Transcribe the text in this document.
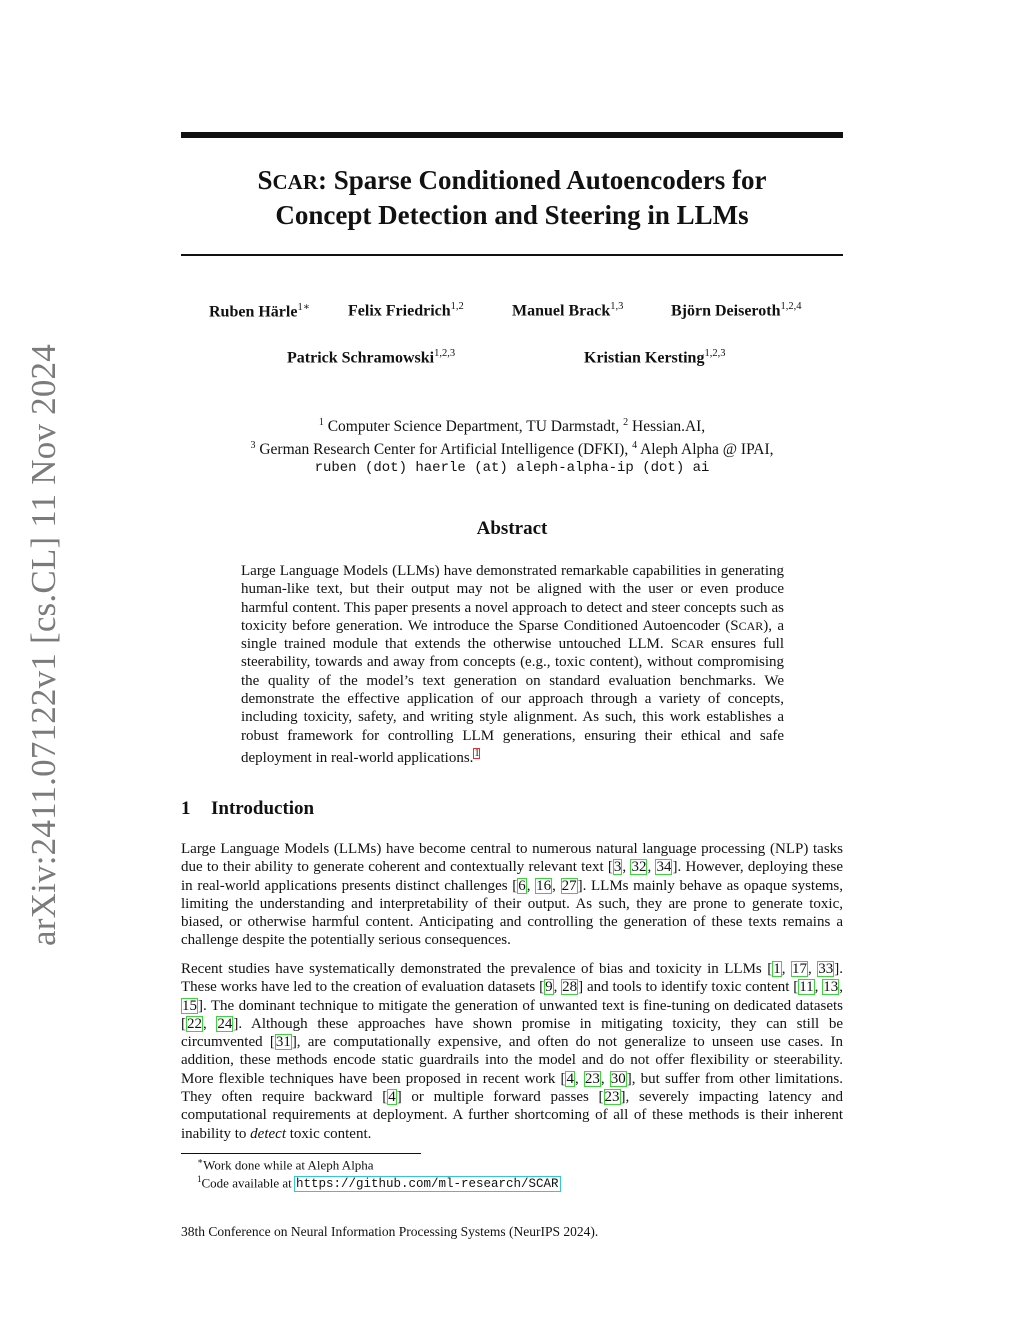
arXiv:2411.07122v1 [cs.CL] 11 Nov 2024
SCAR: Sparse Conditioned Autoencoders for
Concept Detection and Steering in LLMs
Ruben Härle$^{1∗}$ Felix Friedrich$^{1,2}$	Manuel Brack$^{1,3}$	Björn Deiseroth$^{1,2,4}$
Patrick Schramowski$^{1,2,3}$	Kristian Kersting$^{1,2,3}$
$^1$ Computer Science Department, TU Darmstadt, $^2$ Hessian.AI,
$^3$ German Research Center for Artificial Intelligence (DFKI), $^4$ Aleph Alpha @ IPAI,
ruben (dot) haerle (at) aleph-alpha-ip (dot) ai
Abstract
Large Language Models (LLMs) have demonstrated remarkable capabilities in generating human-like text, but their output may not be aligned with the user or even produce harmful content. This paper presents a novel approach to detect and steer concepts such as toxicity before generation. We introduce the Sparse Conditioned Autoencoder (SCAR), a single trained module that extends the otherwise untouched LLM. SCAR ensures full steerability, towards and away from concepts (e.g., toxic content), without compromising the quality of the model’s text generation on standard evaluation benchmarks. We demonstrate the effective application of our approach through a variety of concepts, including toxicity, safety, and writing style alignment. As such, this work establishes a robust framework for controlling LLM generations, ensuring their ethical and safe deployment in real-world applications.$^1$
1 Introduction
Large Language Models (LLMs) have become central to numerous natural language processing (NLP) tasks due to their ability to generate coherent and contextually relevant text [3, 32, 34]. However, deploying these in real-world applications presents distinct challenges [6, 16, 27]. LLMs mainly behave as opaque systems, limiting the understanding and interpretability of their output. As such, they are prone to generate toxic, biased, or otherwise harmful content. Anticipating and controlling the generation of these texts remains a challenge despite the potentially serious consequences.
Recent studies have systematically demonstrated the prevalence of bias and toxicity in LLMs [1, 17, 33]. These works have led to the creation of evaluation datasets [9, 28] and tools to identify toxic content [11, 13, 15]. The dominant technique to mitigate the generation of unwanted text is fine-tuning on dedicated datasets [22, 24]. Although these approaches have shown promise in mitigating toxicity, they can still be circumvented [31], are computationally expensive, and often do not generalize to unseen use cases. In addition, these methods encode static guardrails into the model and do not offer flexibility or steerability. More flexible techniques have been proposed in recent work [4, 23, 30], but suffer from other limitations. They often require backward [4] or multiple forward passes [23], severely impacting latency and computational requirements at deployment. A further shortcoming of all of these methods is their inherent inability to detect toxic content.
∗Work done while at Aleph Alpha
$^1$Code available at https://github.com/ml-research/SCAR
38th Conference on Neural Information Processing Systems (NeurIPS 2024).
